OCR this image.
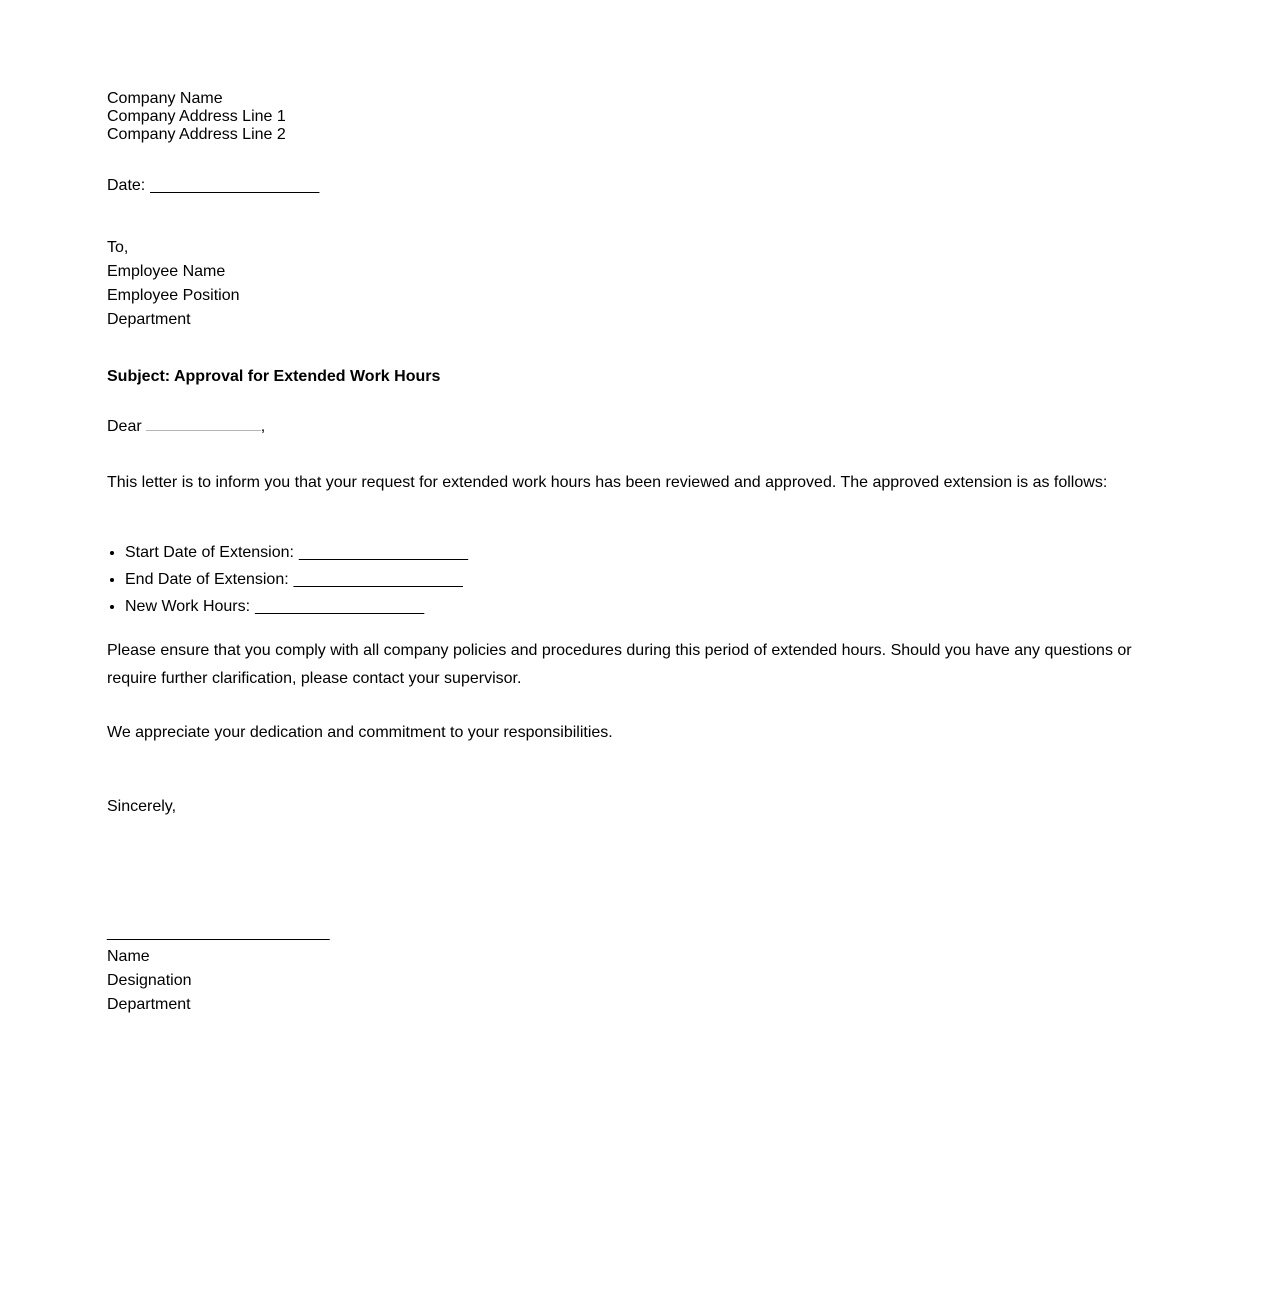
Company Name
Company Address Line 1
Company Address Line 2

Date: ___________________

To,
Employee Name
Employee Position
Department

Subject: Approval for Extended Work Hours

Dear	,

This letter is to inform you that your request for extended work hours has been reviewed and approved. The approved extension is as follows:

• Start Date of Extension: ___________________
• End Date of Extension: ___________________
• New Work Hours: ___________________

Please ensure that you comply with all company policies and procedures during this period of extended hours. Should you have any questions or require further clarification, please contact your supervisor.

We appreciate your dedication and commitment to your responsibilities.

Sincerely,

_________________________
Name
Designation
Department
